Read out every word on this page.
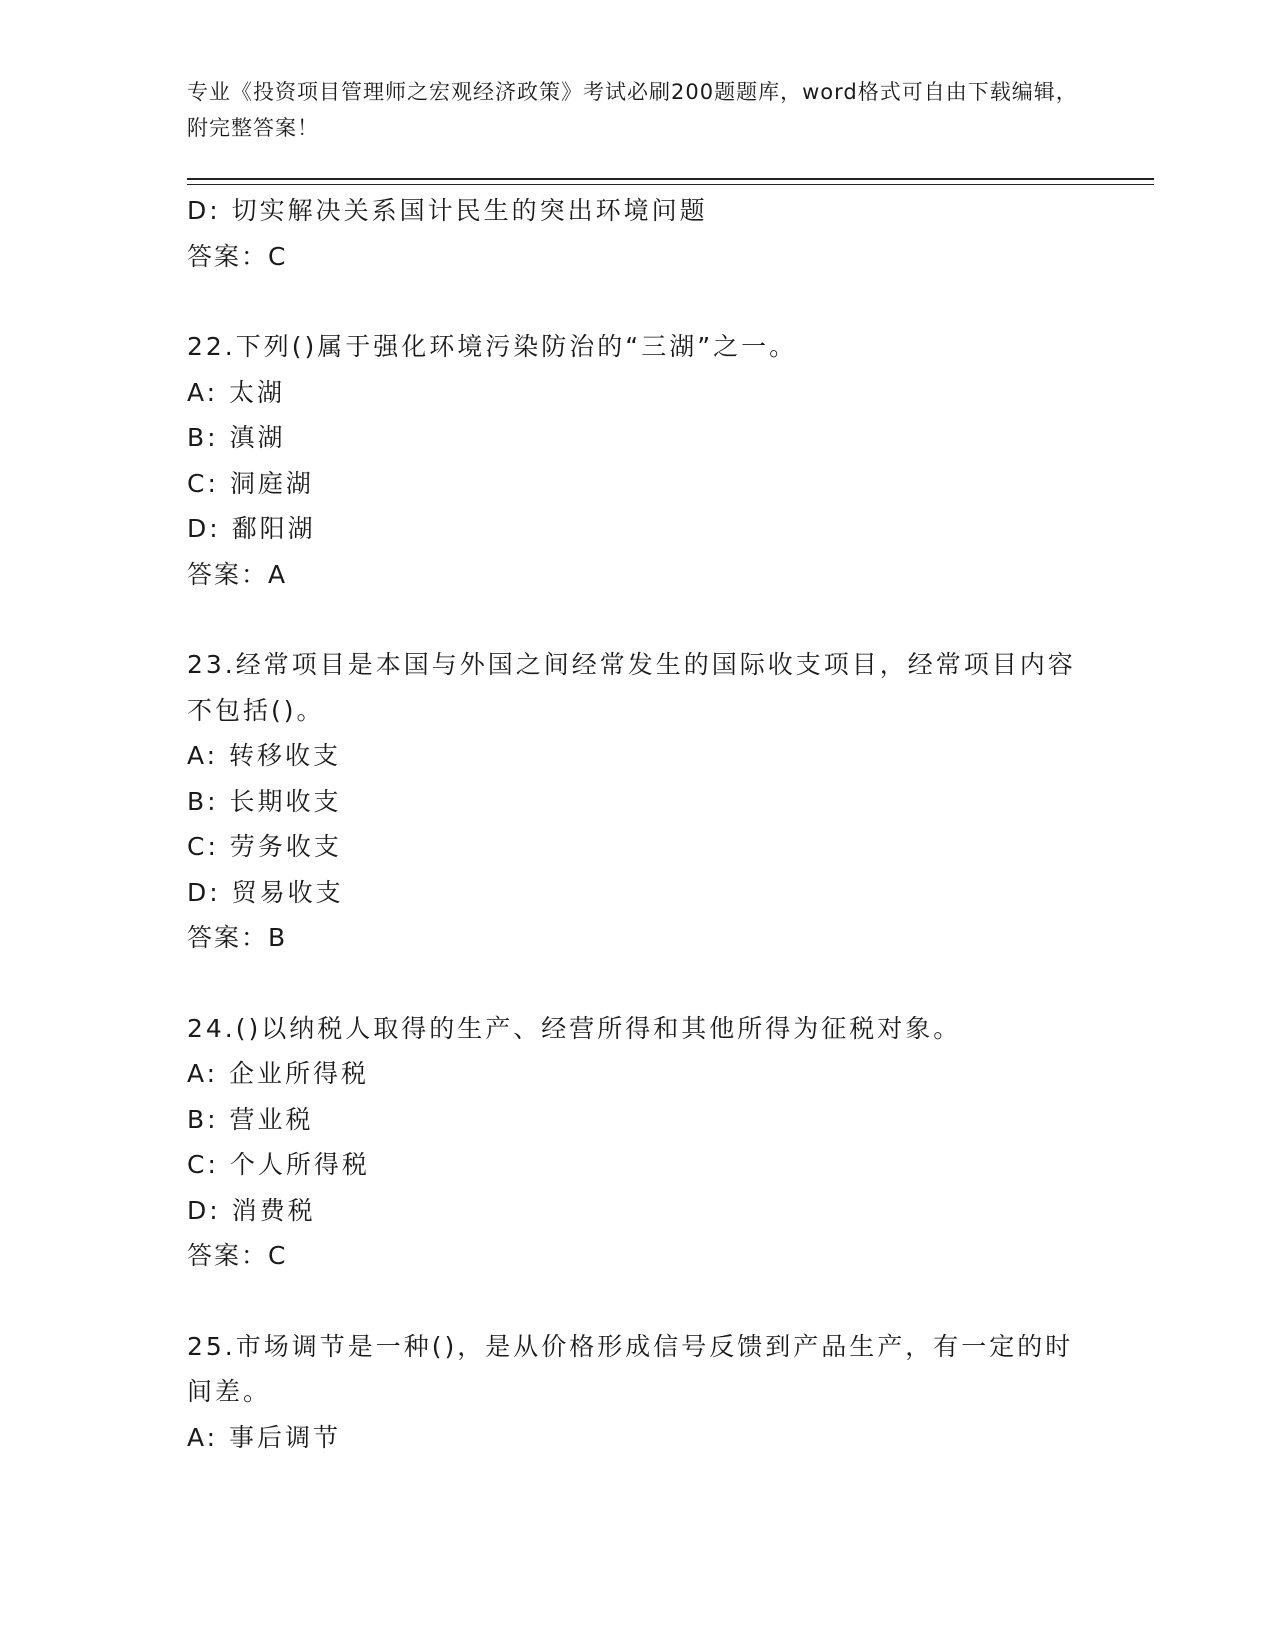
专业《投资项目管理师之宏观经济政策》考试必刷200题题库，word格式可自由下载编辑，附完整答案！
D: 切实解决关系国计民生的突出环境问题
答案：C
22.下列()属于强化环境污染防治的“三湖”之一。
A: 太湖
B: 滇湖
C: 洞庭湖
D: 鄱阳湖
答案：A
23.经常项目是本国与外国之间经常发生的国际收支项目，经常项目内容不包括()。
A: 转移收支
B: 长期收支
C: 劳务收支
D: 贸易收支
答案：B
24.()以纳税人取得的生产、经营所得和其他所得为征税对象。
A: 企业所得税
B: 营业税
C: 个人所得税
D: 消费税
答案：C
25.市场调节是一种()，是从价格形成信号反馈到产品生产，有一定的时间差。
A: 事后调节
